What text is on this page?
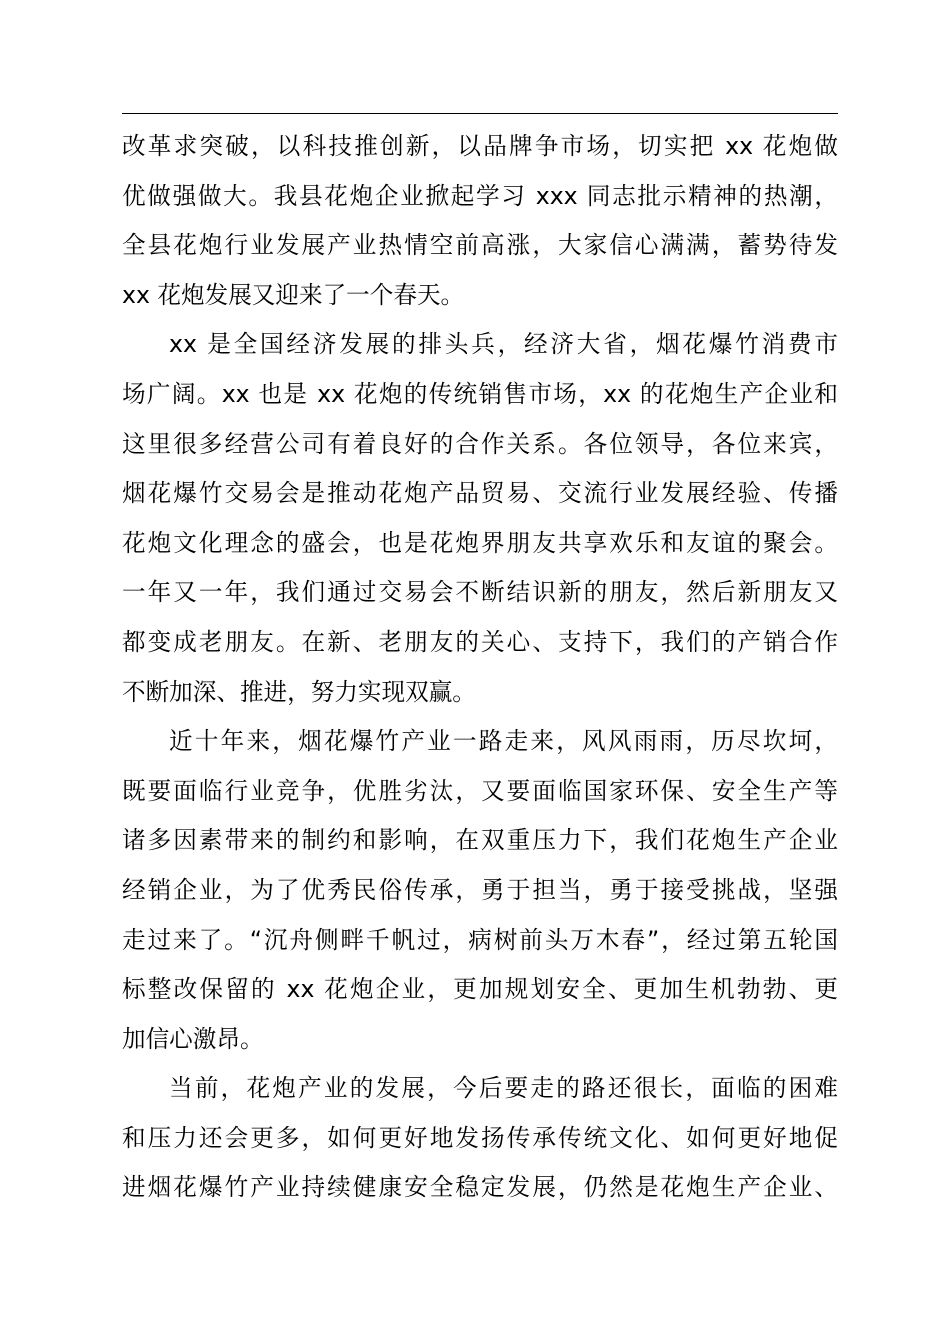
改革求突破，以科技推创新，以品牌争市场，切实把 xx 花炮做
优做强做大。我县花炮企业掀起学习 xxx 同志批示精神的热潮，
全县花炮行业发展产业热情空前高涨，大家信心满满，蓄势待发
xx 花炮发展又迎来了一个春天。
xx 是全国经济发展的排头兵，经济大省，烟花爆竹消费市
场广阔。xx 也是 xx 花炮的传统销售市场，xx 的花炮生产企业和
这里很多经营公司有着良好的合作关系。各位领导，各位来宾，
烟花爆竹交易会是推动花炮产品贸易、交流行业发展经验、传播
花炮文化理念的盛会，也是花炮界朋友共享欢乐和友谊的聚会。
一年又一年，我们通过交易会不断结识新的朋友，然后新朋友又
都变成老朋友。在新、老朋友的关心、支持下，我们的产销合作
不断加深、推进，努力实现双赢。
近十年来，烟花爆竹产业一路走来，风风雨雨，历尽坎坷，
既要面临行业竞争，优胜劣汰，又要面临国家环保、安全生产等
诸多因素带来的制约和影响，在双重压力下，我们花炮生产企业
经销企业，为了优秀民俗传承，勇于担当，勇于接受挑战，坚强
走过来了。“沉舟侧畔千帆过，病树前头万木春”，经过第五轮国
标整改保留的 xx 花炮企业，更加规划安全、更加生机勃勃、更
加信心激昂。
当前，花炮产业的发展，今后要走的路还很长，面临的困难
和压力还会更多，如何更好地发扬传承传统文化、如何更好地促
进烟花爆竹产业持续健康安全稳定发展，仍然是花炮生产企业、
